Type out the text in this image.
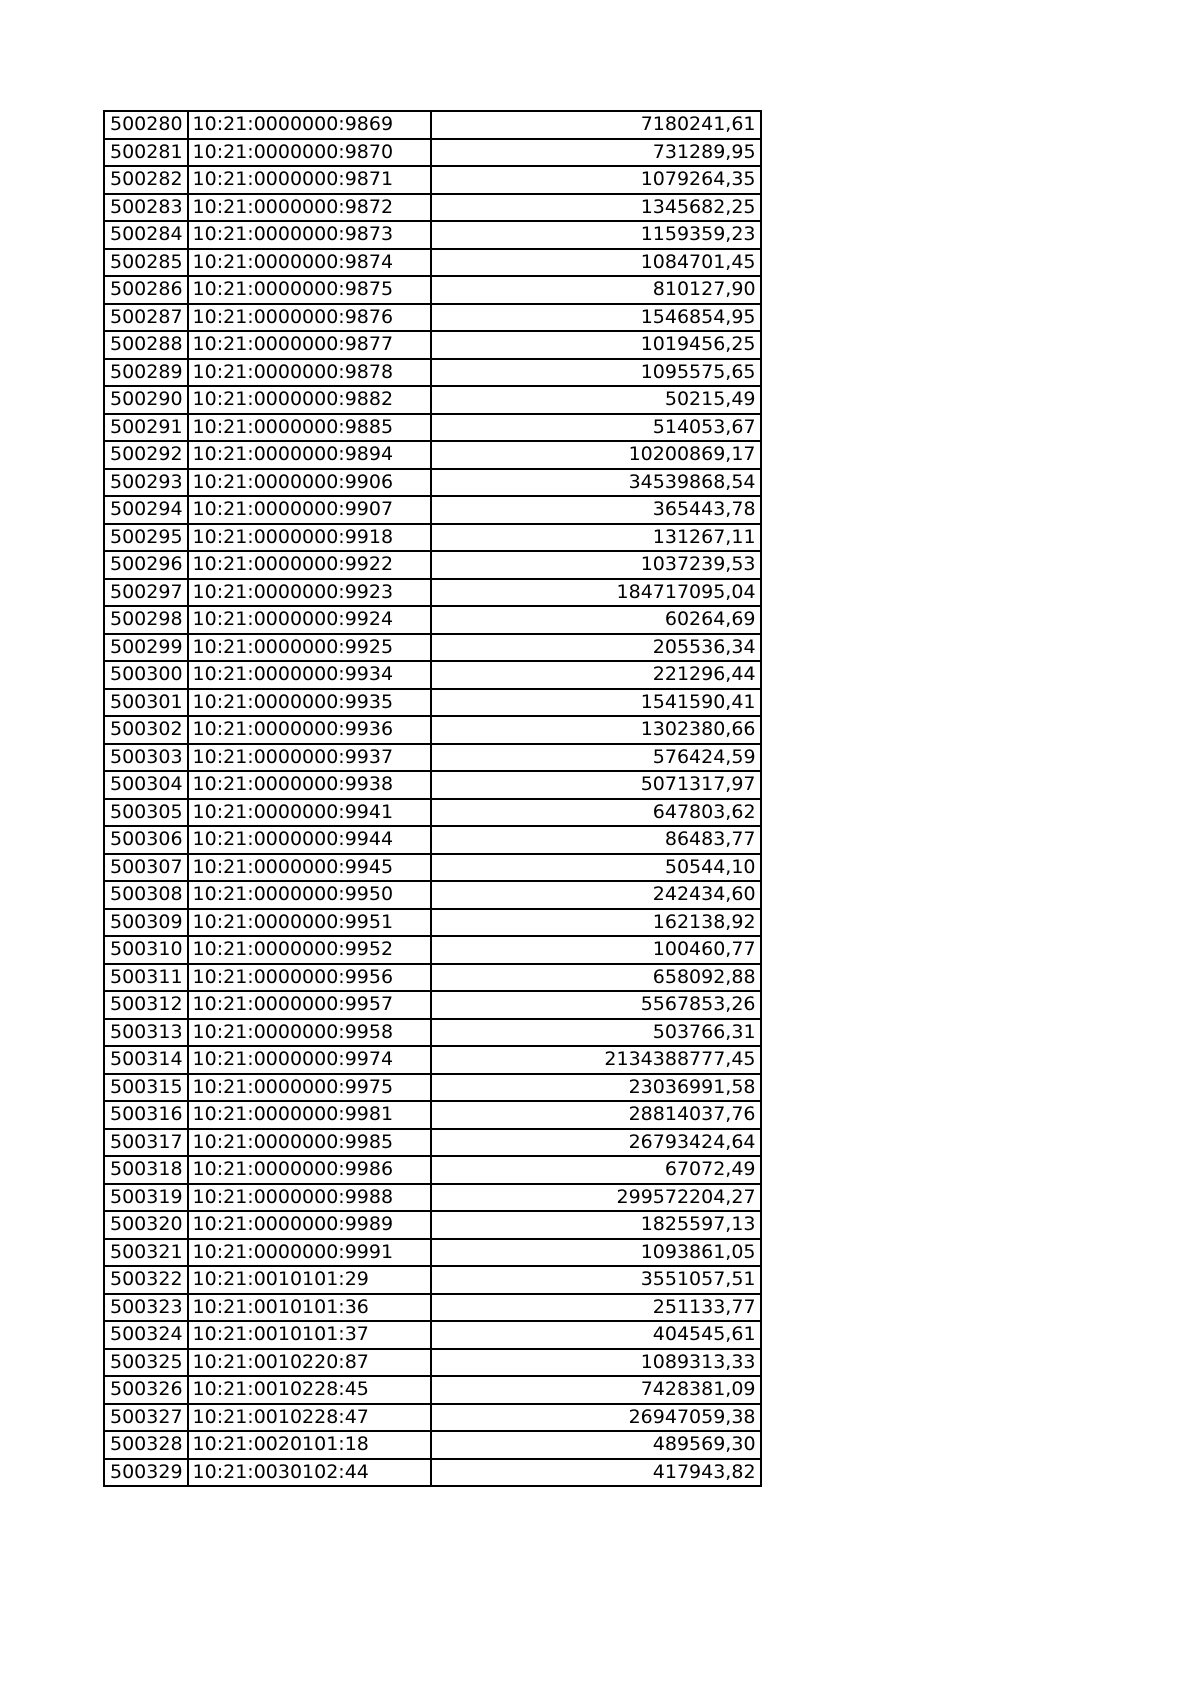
500280	10:21:0000000:9869	7180241,61
500281	10:21:0000000:9870	731289,95
500282	10:21:0000000:9871	1079264,35
500283	10:21:0000000:9872	1345682,25
500284	10:21:0000000:9873	1159359,23
500285	10:21:0000000:9874	1084701,45
500286	10:21:0000000:9875	810127,90
500287	10:21:0000000:9876	1546854,95
500288	10:21:0000000:9877	1019456,25
500289	10:21:0000000:9878	1095575,65
500290	10:21:0000000:9882	50215,49
500291	10:21:0000000:9885	514053,67
500292	10:21:0000000:9894	10200869,17
500293	10:21:0000000:9906	34539868,54
500294	10:21:0000000:9907	365443,78
500295	10:21:0000000:9918	131267,11
500296	10:21:0000000:9922	1037239,53
500297	10:21:0000000:9923	184717095,04
500298	10:21:0000000:9924	60264,69
500299	10:21:0000000:9925	205536,34
500300	10:21:0000000:9934	221296,44
500301	10:21:0000000:9935	1541590,41
500302	10:21:0000000:9936	1302380,66
500303	10:21:0000000:9937	576424,59
500304	10:21:0000000:9938	5071317,97
500305	10:21:0000000:9941	647803,62
500306	10:21:0000000:9944	86483,77
500307	10:21:0000000:9945	50544,10
500308	10:21:0000000:9950	242434,60
500309	10:21:0000000:9951	162138,92
500310	10:21:0000000:9952	100460,77
500311	10:21:0000000:9956	658092,88
500312	10:21:0000000:9957	5567853,26
500313	10:21:0000000:9958	503766,31
500314	10:21:0000000:9974	2134388777,45
500315	10:21:0000000:9975	23036991,58
500316	10:21:0000000:9981	28814037,76
500317	10:21:0000000:9985	26793424,64
500318	10:21:0000000:9986	67072,49
500319	10:21:0000000:9988	299572204,27
500320	10:21:0000000:9989	1825597,13
500321	10:21:0000000:9991	1093861,05
500322	10:21:0010101:29	3551057,51
500323	10:21:0010101:36	251133,77
500324	10:21:0010101:37	404545,61
500325	10:21:0010220:87	1089313,33
500326	10:21:0010228:45	7428381,09
500327	10:21:0010228:47	26947059,38
500328	10:21:0020101:18	489569,30
500329	10:21:0030102:44	417943,82
